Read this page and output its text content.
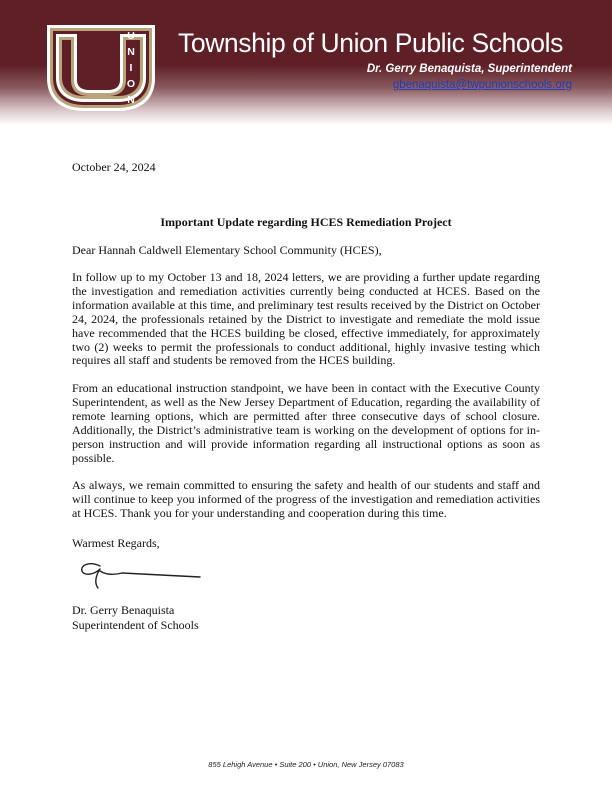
U
N
I
O
N
Township of Union Public Schools
Dr. Gerry Benaquista, Superintendent
gbenaquista@twpunionschools.org
October 24, 2024
Important Update regarding HCES Remediation Project
Dear Hannah Caldwell Elementary School Community (HCES),

In follow up to my October 13 and 18, 2024 letters, we are providing a further update regarding the investigation and remediation activities currently being conducted at HCES. Based on the information available at this time, and preliminary test results received by the District on October 24, 2024, the professionals retained by the District to investigate and remediate the mold issue have recommended that the HCES building be closed, effective immediately, for approximately two (2) weeks to permit the professionals to conduct additional, highly invasive testing which requires all staff and students be removed from the HCES building.

From an educational instruction standpoint, we have been in contact with the Executive County Superintendent, as well as the New Jersey Department of Education, regarding the availability of remote learning options, which are permitted after three consecutive days of school closure. Additionally, the District’s administrative team is working on the development of options for in-person instruction and will provide information regarding all instructional options as soon as possible.

As always, we remain committed to ensuring the safety and health of our students and staff and will continue to keep you informed of the progress of the investigation and remediation activities at HCES. Thank you for your understanding and cooperation during this time.

Warmest Regards,
Dr. Gerry Benaquista
Superintendent of Schools
855 Lehigh Avenue • Suite 200 • Union, New Jersey 07083
